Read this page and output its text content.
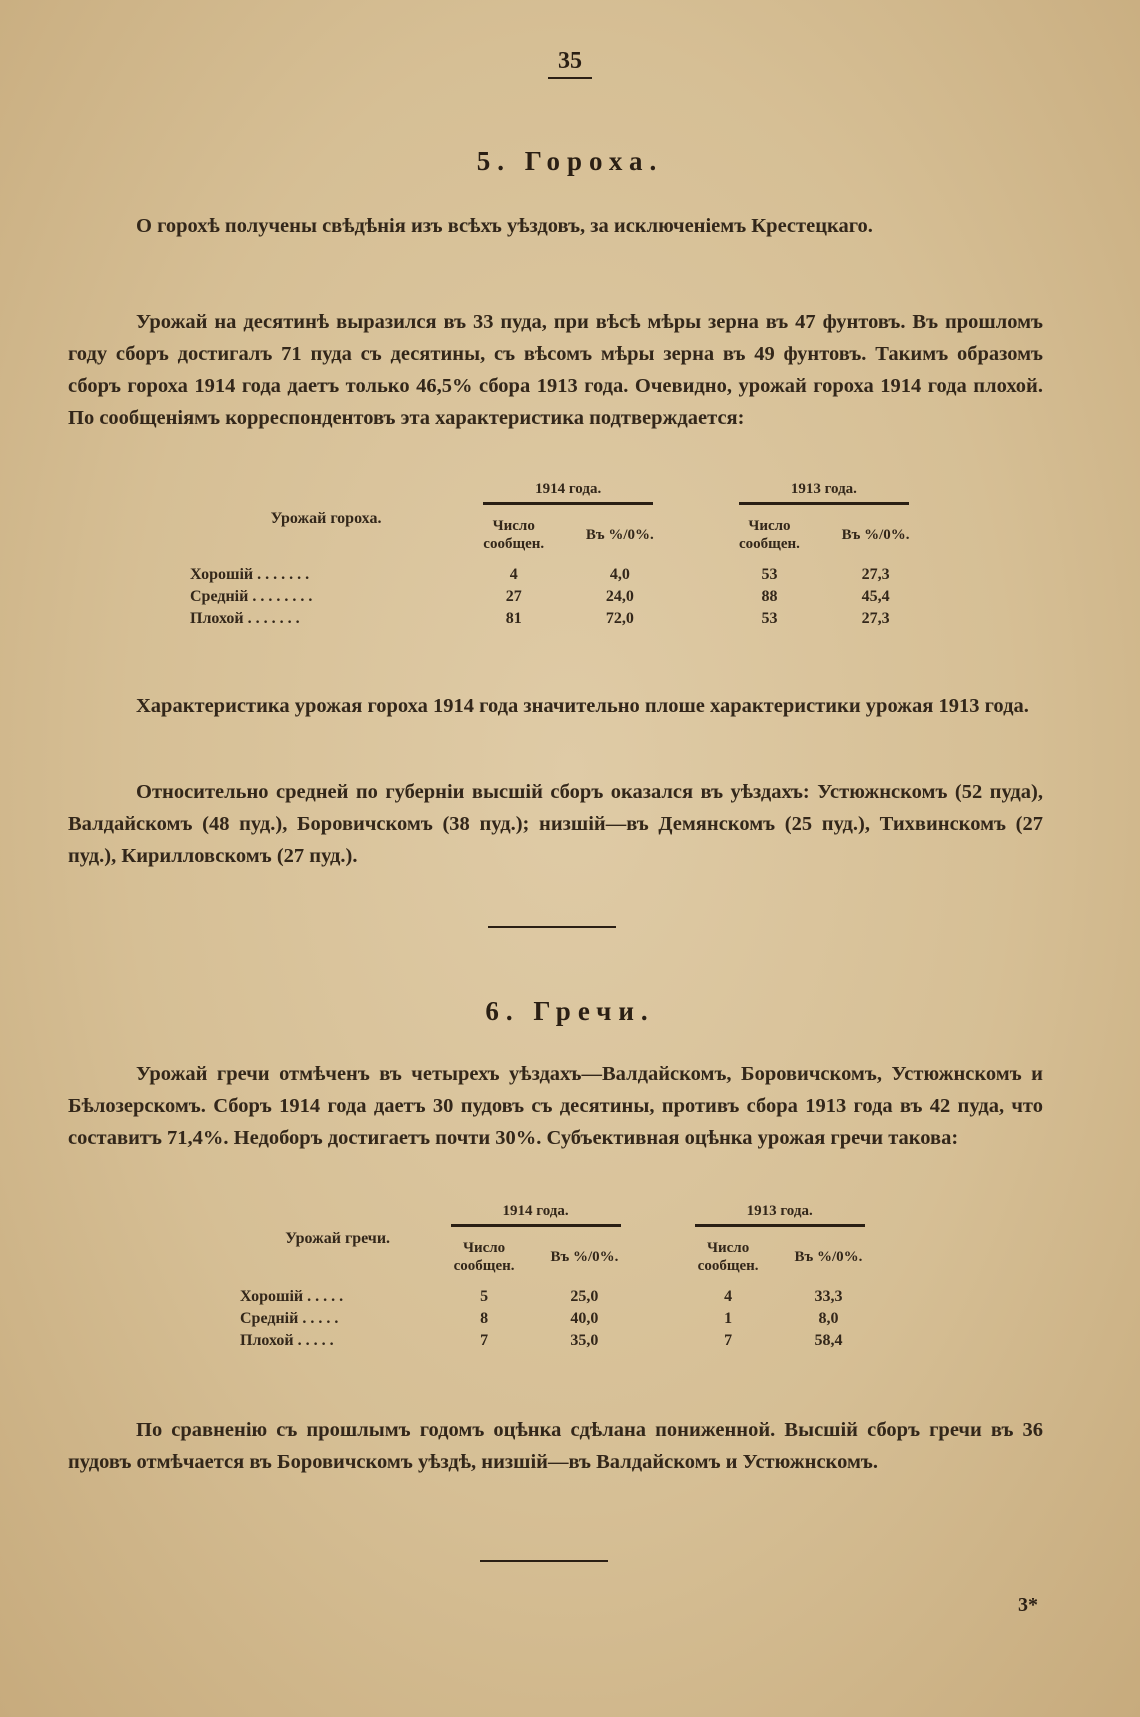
35
5. Гороха.
О горохѣ получены свѣдѣнія изъ всѣхъ уѣздовъ, за исключеніемъ Крестецкаго.
Урожай на десятинѣ выразился въ 33 пуда, при вѣсѣ мѣры зерна въ 47 фунтовъ. Въ прошломъ году сборъ достигалъ 71 пуда съ десятины, съ вѣсомъ мѣры зерна въ 49 фунтовъ. Такимъ образомъ сборъ гороха 1914 года даетъ только 46,5% сбора 1913 года. Очевидно, урожай гороха 1914 года плохой. По сообщеніямъ корреспондентовъ эта характеристика подтверждается:
Урожай гороха.	1914 года.			1913 года.	
	Число сообщен.	Въ %/0%.		Число сообщен.	Въ %/0%.
Хорошій . . . . . . .	4	4,0		53	27,3
Средній . . . . . . . .	27	24,0		88	45,4
Плохой . . . . . . .	81	72,0		53	27,3
Характеристика урожая гороха 1914 года значительно плоше характеристики урожая 1913 года.
Относительно средней по губерніи высшій сборъ оказался въ уѣздахъ: Устюжнскомъ (52 пуда), Валдайскомъ (48 пуд.), Боровичскомъ (38 пуд.); низшій—въ Демянскомъ (25 пуд.), Тихвинскомъ (27 пуд.), Кирилловскомъ (27 пуд.).
6. Гречи.
Урожай гречи отмѣченъ въ четырехъ уѣздахъ—Валдайскомъ, Боровичскомъ, Устюжнскомъ и Бѣлозерскомъ. Сборъ 1914 года даетъ 30 пудовъ съ десятины, противъ сбора 1913 года въ 42 пуда, что составитъ 71,4%. Недоборъ достигаетъ почти 30%. Субъективная оцѣнка урожая гречи такова:
Урожай гречи.	1914 года.			1913 года.	
	Число сообщен.	Въ %/0%.		Число сообщен.	Въ %/0%.
Хорошій . . . . .	5	25,0		4	33,3
Средній . . . . .	8	40,0		1	8,0
Плохой . . . . .	7	35,0		7	58,4
По сравненію съ прошлымъ годомъ оцѣнка сдѣлана пониженной. Высшій сборъ гречи въ 36 пудовъ отмѣчается въ Боровичскомъ уѣздѣ, низшій—въ Валдайскомъ и Устюжнскомъ.
3*
